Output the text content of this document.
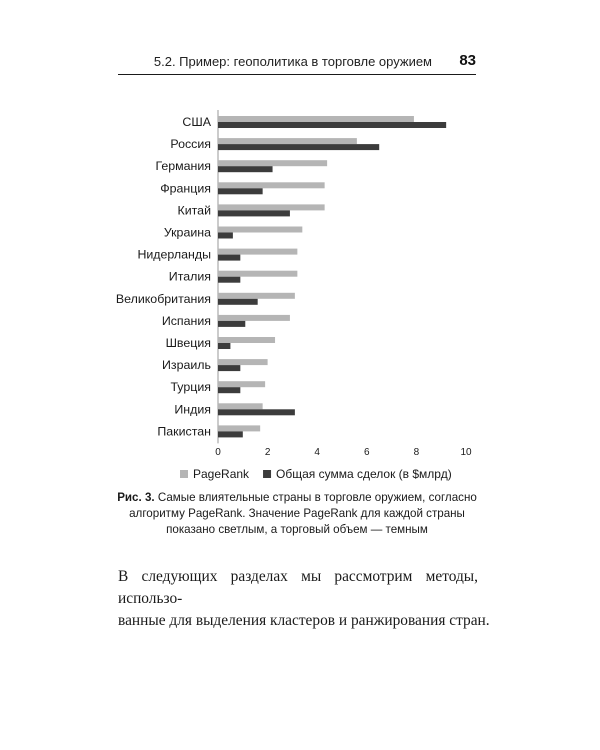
5.2. Пример: геополитика в торговле оружием 83
США
Россия
Германия
Франция
Китай
Украина
Нидерланды
Италия
Великобритания
Испания
Швеция
Израиль
Турция
Индия
Пакистан
0	2	4	6	8	10
PageRank Общая сумма сделок (в $млрд)
Рис. 3. Самые влиятельные страны в торговле оружием, согласно алгоритму PageRank. Значение PageRank для каждой страны показано светлым, а торговый объем — темным
В следующих разделах мы рассмотрим методы, использо-
ванные для выделения кластеров и ранжирования стран.
